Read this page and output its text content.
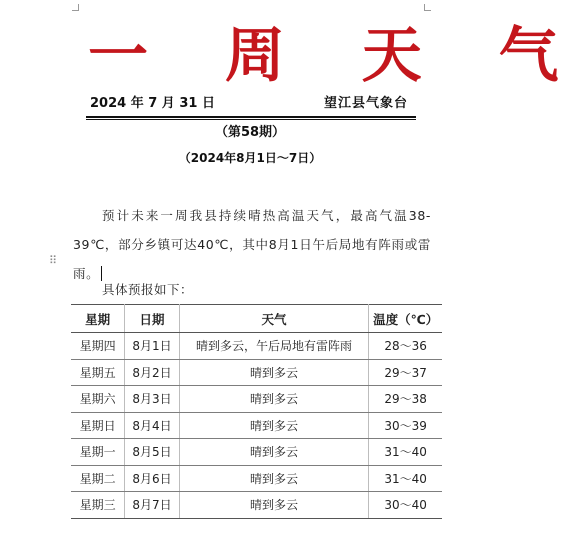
一 周 天 气
2024 年 7 月 31 日	望江县气象台
（第58期）
（2024年8月1日～7日）
⠿
预计未来一周我县持续晴热高温天气，最高气温38-39℃，部分乡镇可达40℃，其中8月1日午后局地有阵雨或雷雨。
具体预报如下：
星期	日期	天气	温度（℃）
星期四	8月1日	晴到多云，午后局地有雷阵雨	28～36
星期五	8月2日	晴到多云	29～37
星期六	8月3日	晴到多云	29～38
星期日	8月4日	晴到多云	30～39
星期一	8月5日	晴到多云	31～40
星期二	8月6日	晴到多云	31～40
星期三	8月7日	晴到多云	30～40
